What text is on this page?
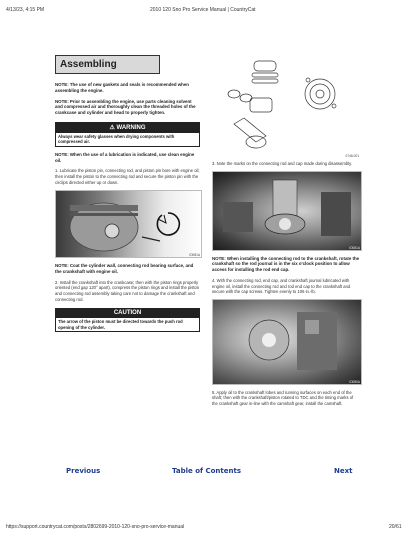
4/13/23, 4:15 PM	2010 120 Sno Pro Service Manual | CountryCat
Assembling
NOTE: The use of new gaskets and seals is recommended when assembling the engine.
NOTE: Prior to assembling the engine, use parts cleaning solvent and compressed air and thoroughly clean the threaded holes of the crankcase and cylinder and head to properly tighten.
⚠ WARNING
Always wear safety glasses when drying components with compressed air.
NOTE: When the use of a lubrication is indicated, use clean engine oil.
1. Lubricate the piston pin, connecting rod, and piston pin bore with engine oil; then install the piston to the connecting rod and secure the piston pin with the circlips directed either up or down.
IO081A
NOTE: Coat the cylinder wall, connecting rod bearing surface, and the crankshaft with engine oil.
2. Install the crankshaft into the crankcase; then with the piston rings properly oriented (end gap 120° apart), compress the piston rings and install the piston and connecting rod assembly taking care not to damage the crankshaft and connecting rod.
CAUTION
The arrow of the piston must be directed towards the push rod opening of the cylinder.
0746-001
3. Note the marks on the connecting rod and cap made during disassembly.
IO081A
NOTE: When installing the connecting rod to the crankshaft, rotate the crankshaft so the rod journal is in the six o'clock position to allow access for installing the rod end cap.
4. With the connecting rod, end cap, and crankshaft journal lubricated with engine oil, install the connecting rod and rod end cap to the crankshaft and secure with the cap screws. Tighten evenly to 106 in.-lb.
IO080A
5. Apply oil to the crankshaft lobes and running surfaces on each end of the shaft; then with the crankshaft/piston rotated to TDC and the timing marks of the crankshaft gear in-line with the camshaft gear, install the camshaft.
Previous	Table of Contents	Next
https://support.countrycat.com/posts/2802699-2010-120-sno-pro-service-manual	20/61
